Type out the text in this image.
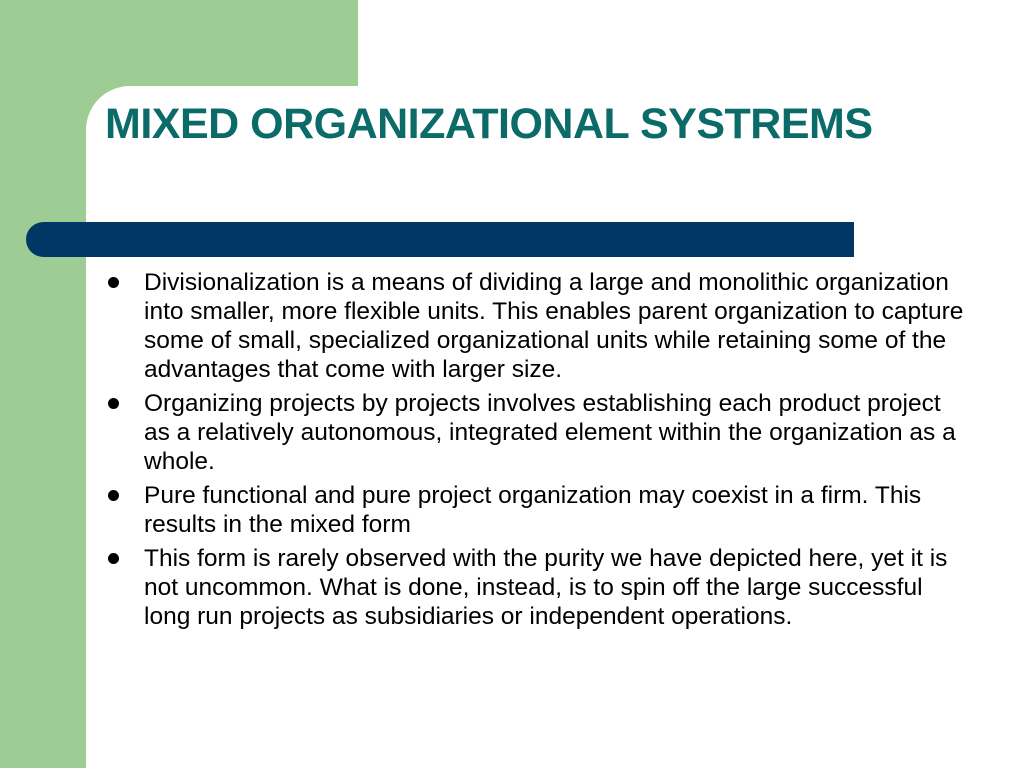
MIXED ORGANIZATIONAL SYSTREMS
Divisionalization is a means of dividing a large and monolithic organization into smaller, more flexible units. This enables parent organization to capture some of small, specialized organizational units while retaining some of the advantages that come with larger size.
Organizing projects by projects involves establishing each product project as a relatively autonomous, integrated element within the organization as a whole.
Pure functional and pure project organization may coexist in a firm. This results in the mixed form
This form is rarely observed with the purity we have depicted here, yet it is not uncommon. What is done, instead, is to spin off the large successful long run projects as subsidiaries or independent operations.
